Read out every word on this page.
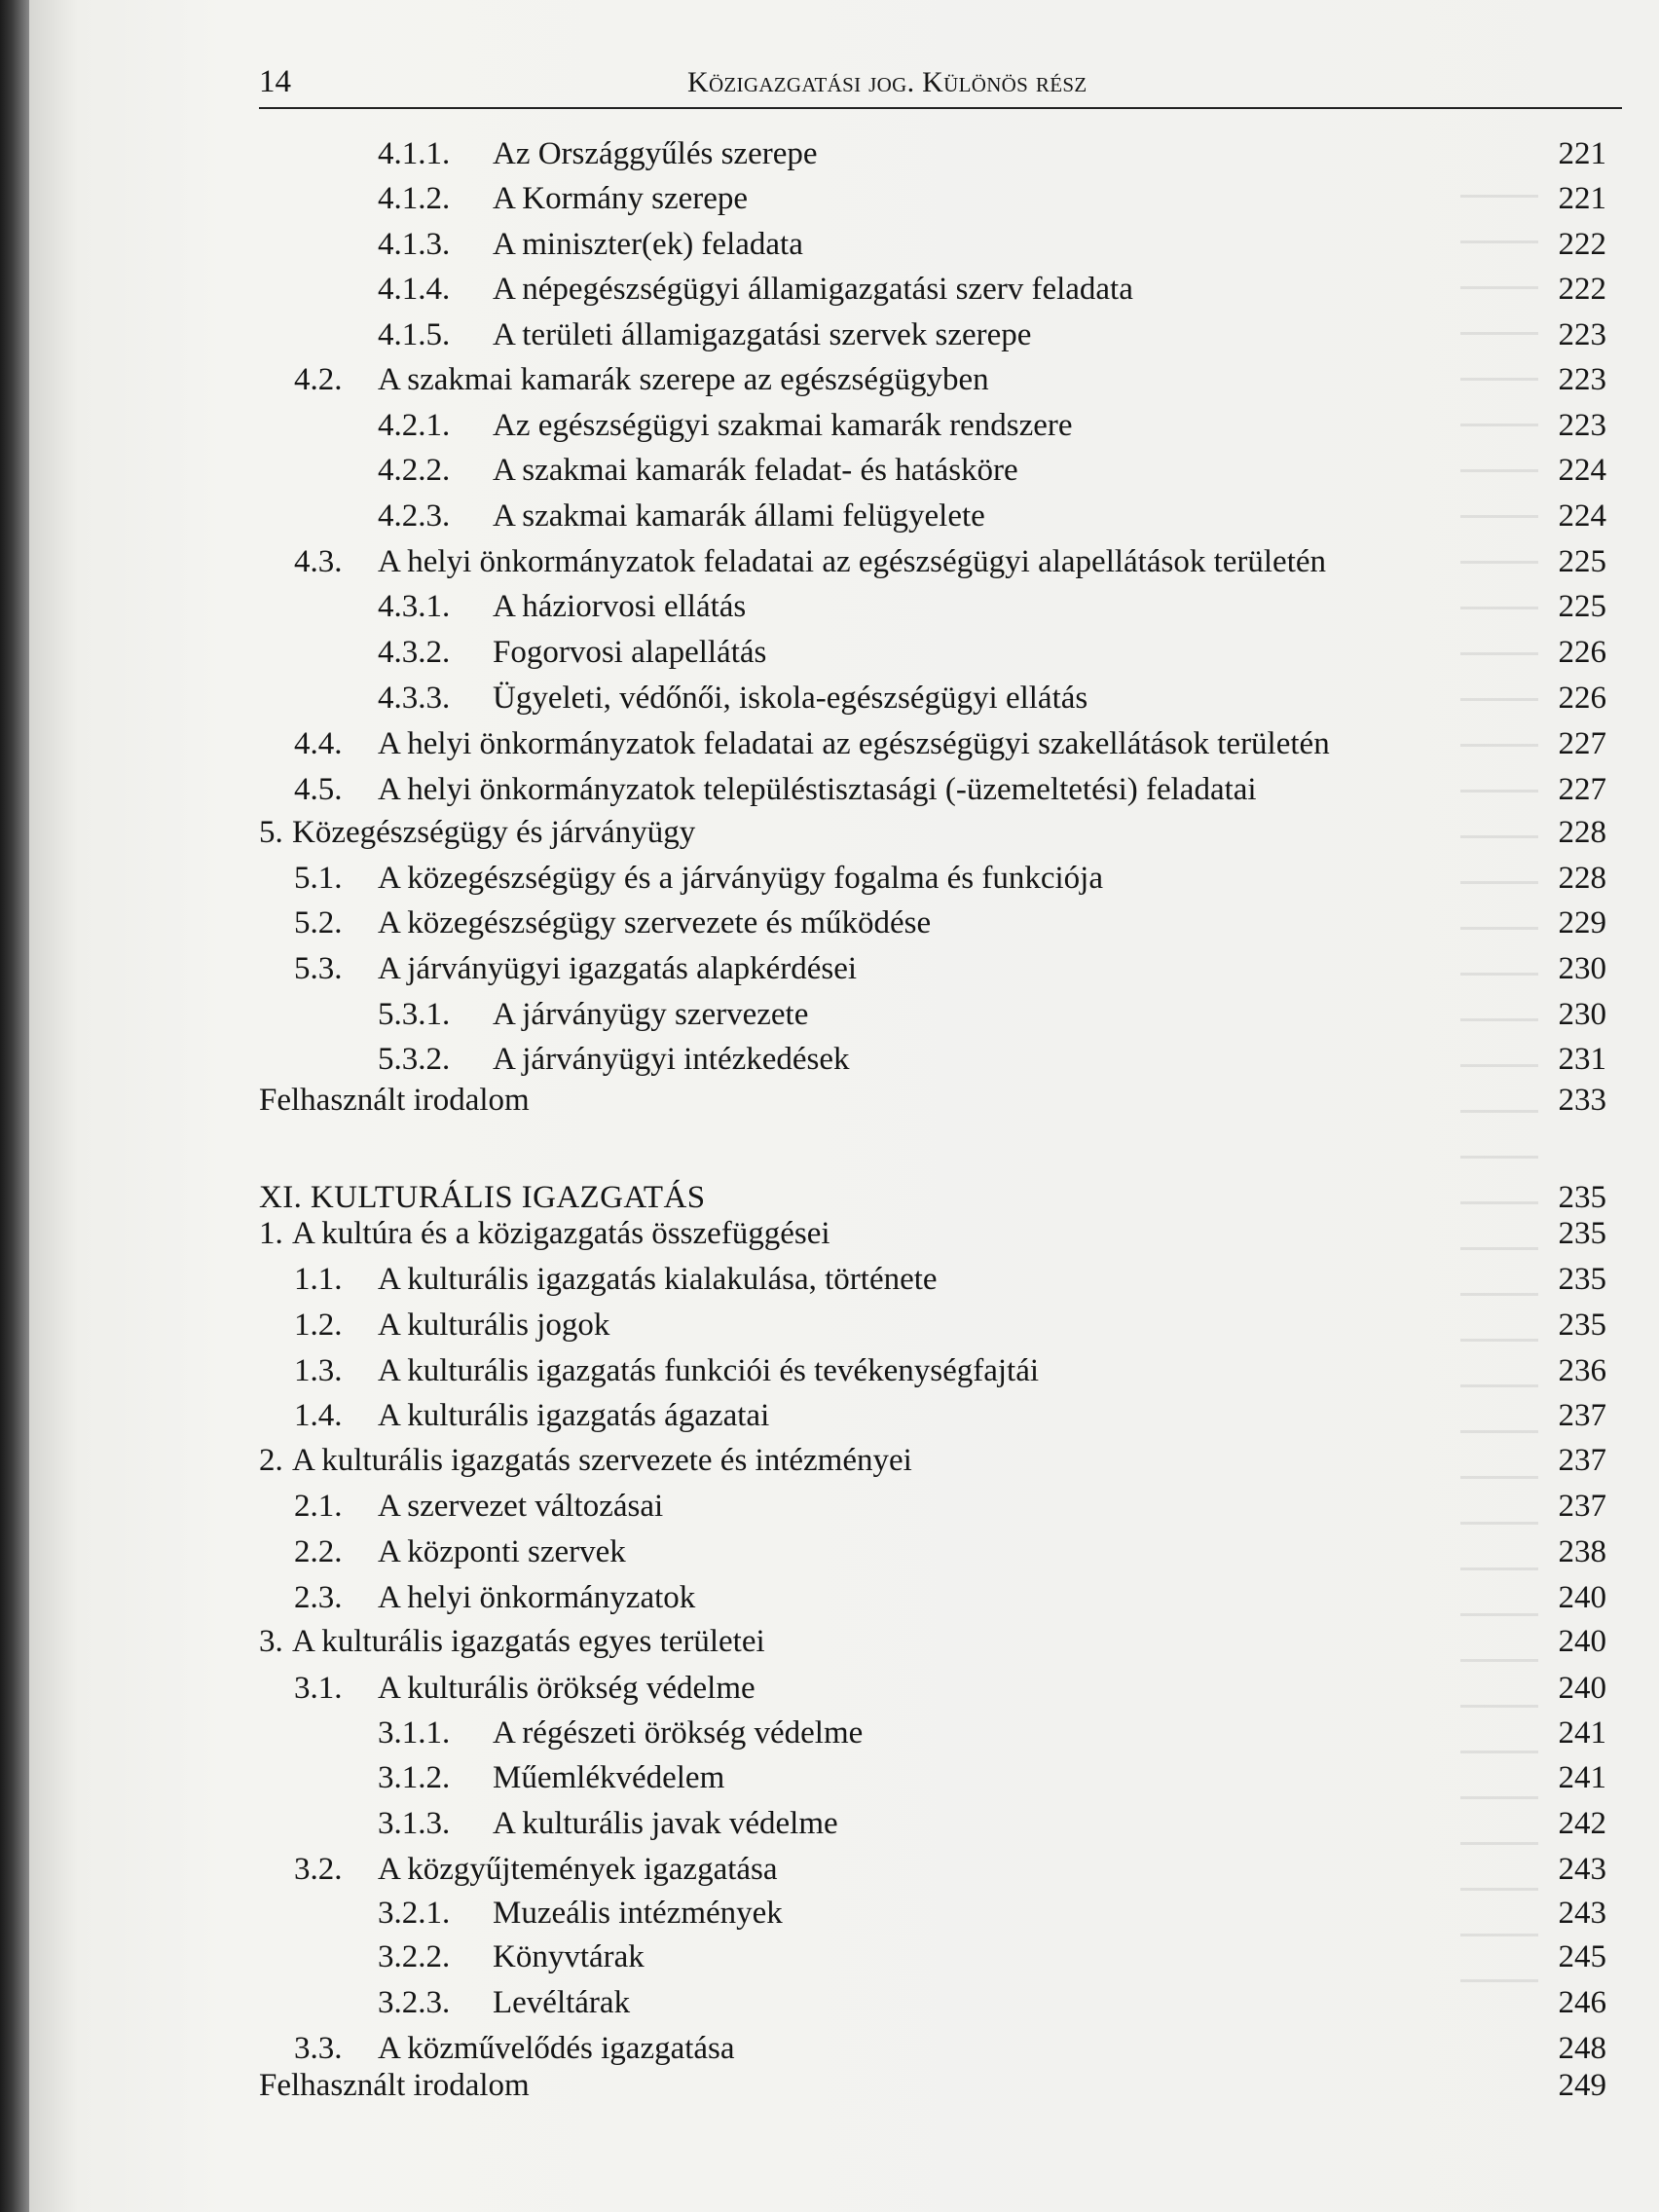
14	Közigazgatási jog. Különös rész
4.1.1. Az Országgyűlés szerepe	221
4.1.2. A Kormány szerepe	221
4.1.3. A miniszter(ek) feladata	222
4.1.4. A népegészségügyi államigazgatási szerv feladata	222
4.1.5. A területi államigazgatási szervek szerepe	223
4.2. A szakmai kamarák szerepe az egészségügyben	223
4.2.1. Az egészségügyi szakmai kamarák rendszere	223
4.2.2. A szakmai kamarák feladat- és hatásköre	224
4.2.3. A szakmai kamarák állami felügyelete	224
4.3. A helyi önkormányzatok feladatai az egészségügyi alapellátások területén	225
4.3.1. A háziorvosi ellátás	225
4.3.2. Fogorvosi alapellátás	226
4.3.3. Ügyeleti, védőnői, iskola-egészségügyi ellátás	226
4.4. A helyi önkormányzatok feladatai az egészségügyi szakellátások területén	227
4.5. A helyi önkormányzatok településtisztasági (-üzemeltetési) feladatai	227
5. Közegészségügy és járványügy	228
5.1. A közegészségügy és a járványügy fogalma és funkciója	228
5.2. A közegészségügy szervezete és működése	229
5.3. A járványügyi igazgatás alapkérdései	230
5.3.1. A járványügy szervezete	230
5.3.2. A járványügyi intézkedések	231
Felhasznált irodalom	233
XI. KULTURÁLIS IGAZGATÁS	235
1. A kultúra és a közigazgatás összefüggései	235
1.1. A kulturális igazgatás kialakulása, története	235
1.2. A kulturális jogok	235
1.3. A kulturális igazgatás funkciói és tevékenységfajtái	236
1.4. A kulturális igazgatás ágazatai	237
2. A kulturális igazgatás szervezete és intézményei	237
2.1. A szervezet változásai	237
2.2. A központi szervek	238
2.3. A helyi önkormányzatok	240
3. A kulturális igazgatás egyes területei	240
3.1. A kulturális örökség védelme	240
3.1.1. A régészeti örökség védelme	241
3.1.2. Műemlékvédelem	241
3.1.3. A kulturális javak védelme	242
3.2. A közgyűjtemények igazgatása	243
3.2.1. Muzeális intézmények	243
3.2.2. Könyvtárak	245
3.2.3. Levéltárak	246
3.3. A közművelődés igazgatása	248
Felhasznált irodalom	249
